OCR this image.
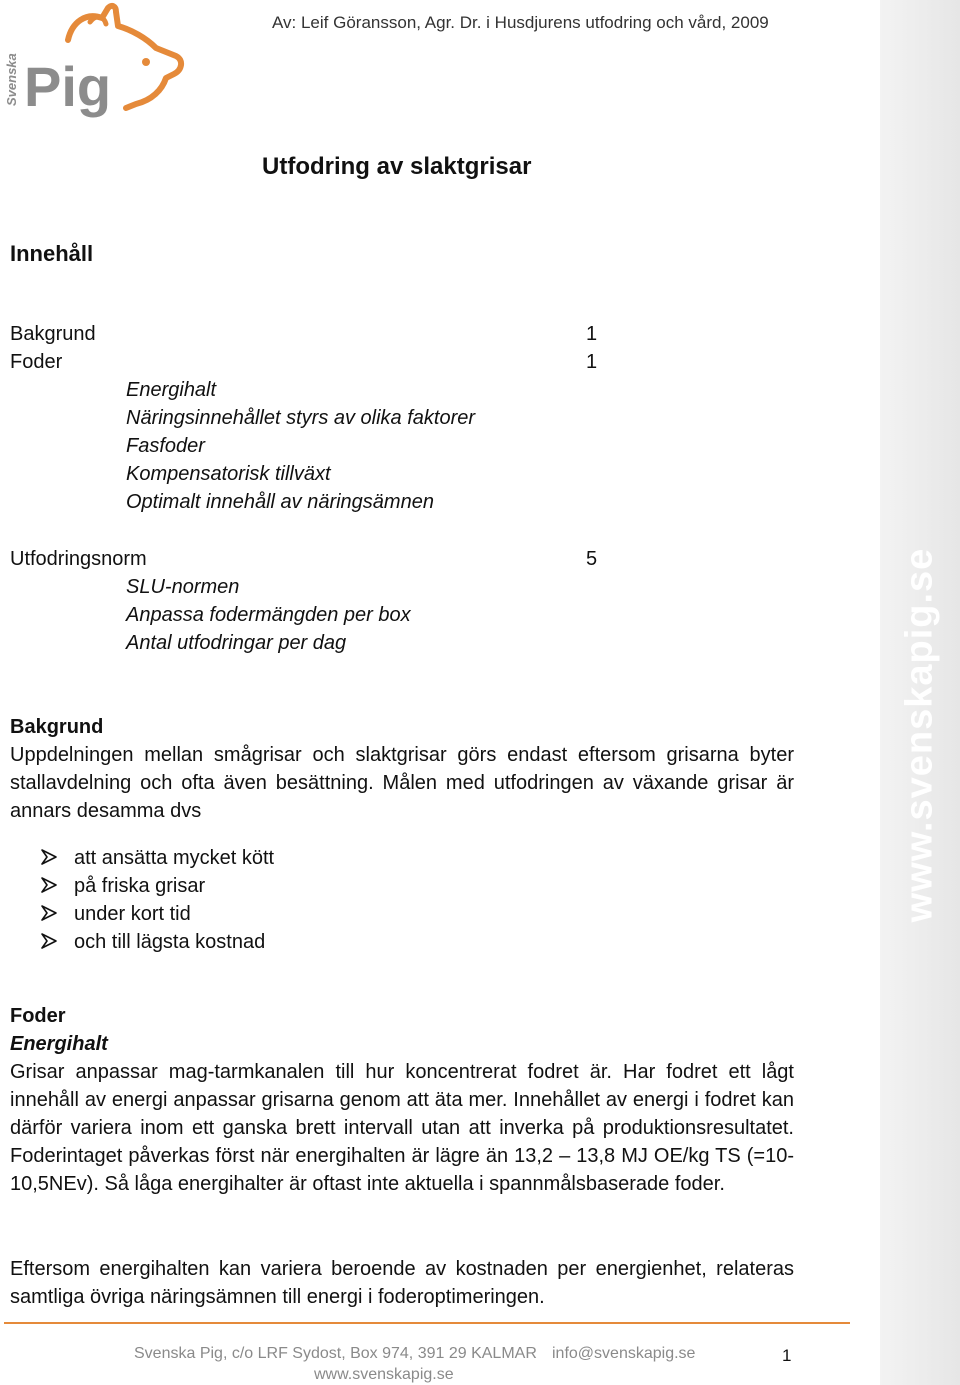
www.svenskapig.se
Svenska Pig
Av: Leif Göransson, Agr. Dr. i Husdjurens utfodring och vård, 2009
Utfodring av slaktgrisar
Innehåll
Bakgrund	1
Foder	1
Energihalt
Näringsinnehållet styrs av olika faktorer
Fasfoder
Kompensatorisk tillväxt
Optimalt innehåll av näringsämnen
Utfodringsnorm	5
SLU-normen
Anpassa fodermängden per box
Antal utfodringar per dag
Bakgrund
Uppdelningen mellan smågrisar och slaktgrisar görs endast eftersom grisarna byter stallavdelning och ofta även besättning. Målen med utfodringen av växande grisar är annars desamma dvs
att ansätta mycket kött
på friska grisar
under kort tid
och till lägsta kostnad
Foder
Energihalt
Grisar anpassar mag-tarmkanalen till hur koncentrerat fodret är. Har fodret ett lågt innehåll av energi anpassar grisarna genom att äta mer. Innehållet av energi i fodret kan därför variera inom ett ganska brett intervall utan att inverka på produktionsresultatet. Foderintaget påverkas först när energihalten är lägre än 13,2 – 13,8 MJ OE/kg TS (=10-10,5NEv). Så låga energihalter är oftast inte aktuella i spannmålsbaserade foder.
Eftersom energihalten kan variera beroende av kostnaden per energienhet, relateras samtliga övriga näringsämnen till energi i foderoptimeringen.
Svenska Pig, c/o LRF Sydost, Box 974, 391 29 KALMAR info@svenskapig.se
www.svenskapig.se
1
